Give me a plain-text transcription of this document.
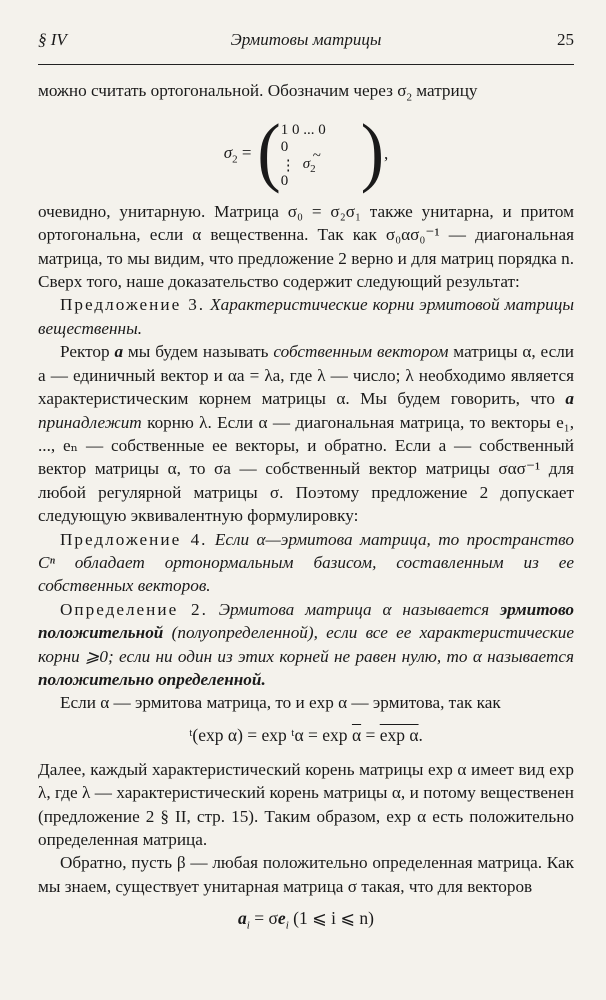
§ IV	Эрмитовы матрицы	25

можно считать ортогональной. Обозначим через $\sigma_2$ матрицу

$\sigma_2$ = ( 1 0 ... 0
0
⋮
~
$\sigma_2$
0 ) ,

очевидно, унитарную. Матрица σ₀ = σ₂σ₁ также унитарна, и притом ортогональна, если α вещественна. Так как σ₀ασ₀⁻¹ — диагональная матрица, то мы видим, что предложение 2 верно и для матриц порядка n. Сверх того, наше доказательство содержит следующий результат:

Предложение 3. Характеристические корни эрмитовой матрицы вещественны.

Ректор a мы будем называть собственным вектором матрицы α, если a — единичный вектор и αa = λa, где λ — число; λ необходимо является характеристическим корнем матрицы α. Мы будем говорить, что a принадлежит корню λ. Если α — диагональная матрица, то векторы e₁, ..., eₙ — собственные ее векторы, и обратно. Если a — собственный вектор матрицы α, то σa — собственный вектор матрицы σασ⁻¹ для любой регулярной матрицы σ. Поэтому предложение 2 допускает следующую эквивалентную формулировку:

Предложение 4. Если α—эрмитова матрица, то пространство Cⁿ обладает ортонормальным базисом, составленным из ее собственных векторов.

Определение 2. Эрмитова матрица α называется эрмитово положительной (полуопределенной), если все ее характеристические корни ⩾0; если ни один из этих корней не равен нулю, то α называется положительно определенной.

Если α — эрмитова матрица, то и exp α — эрмитова, так как

ᵗ(exp α) = exp ᵗα = $\exp \overline{\alpha} = \exp \alpha$.

Далее, каждый характеристический корень матрицы exp α имеет вид exp λ, где λ — характеристический корень матрицы α, и потому вещественен (предложение 2 § II, стр. 15). Таким образом, exp α есть положительно определенная матрица.

Обратно, пусть β — любая положительно определенная матрица. Как мы знаем, существует унитарная матрица σ такая, что для векторов

$a_i = \sigma e_i$ (1 ⩽ i ⩽ n)
